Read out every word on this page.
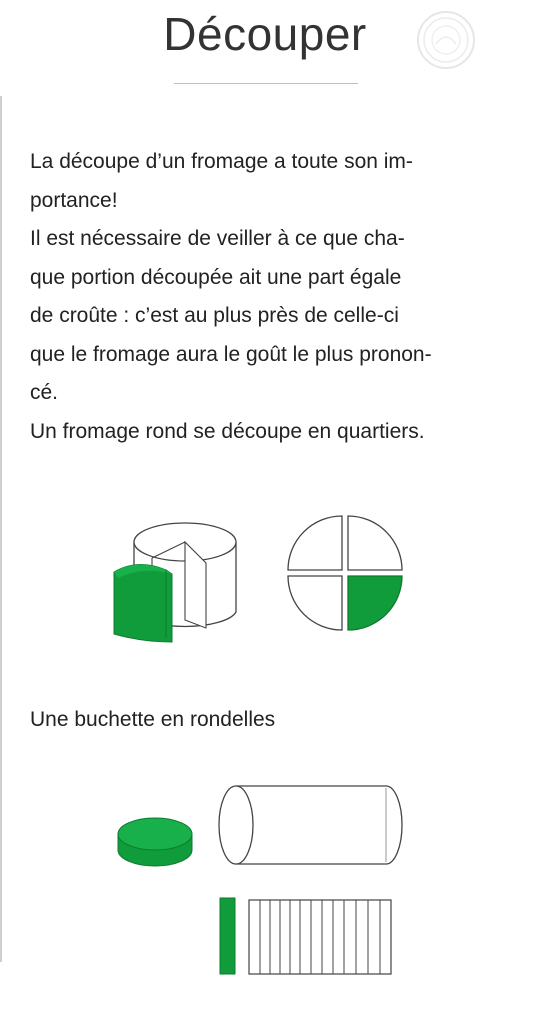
Découper
La découpe d’un fromage a toute son im-
portance!
Il est nécessaire de veiller à ce que cha-
que portion découpée ait une part égale
de croûte : c’est au plus près de celle-ci
que le fromage aura le goût le plus pronon-
cé.
Un fromage rond se découpe en quartiers.
Une buchette en rondelles
